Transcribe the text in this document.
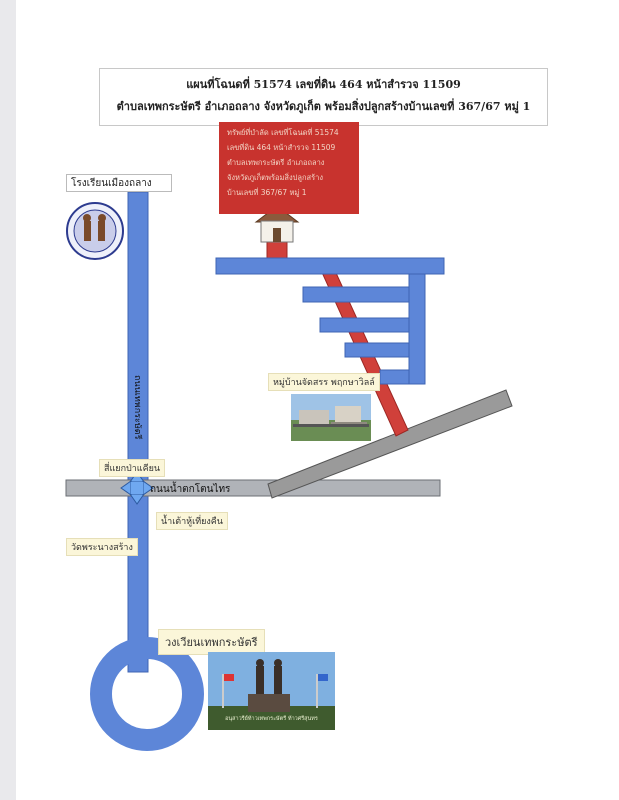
แผนที่โฉนดที่ 51574 เลขที่ดิน 464 หน้าสำรวจ 11509
ตำบลเทพกระษัตรี อำเภอถลาง จังหวัดภูเก็ต พร้อมสิ่งปลูกสร้างบ้านเลขที่ 367/67 หมู่ 1
ทรัพย์ที่บำลัด เลขที่โฉนดที่ 51574
เลขที่ดิน 464 หน้าสำรวจ 11509
ตำบลเทพกระษัตรี อำเภอถลาง
จังหวัดภูเก็ตพร้อมสิ่งปลูกสร้าง
บ้านเลขที่ 367/67 หมู่ 1
โรงเรียนเมืองถลาง
หมู่บ้านจัดสรร พฤกษาวิลล์
ถนนเทพกระษัตรี
ถนนน้ำตกโตนไทร
สี่แยกป่าแคียน
น้ำเต้าหู้เที่ยงคืน
วัดพระนางสร้าง
วงเวียนเทพกระษัตรี
อนุสาวรีย์ท้าวเทพกระษัตรี ท้าวศรีสุนทร
